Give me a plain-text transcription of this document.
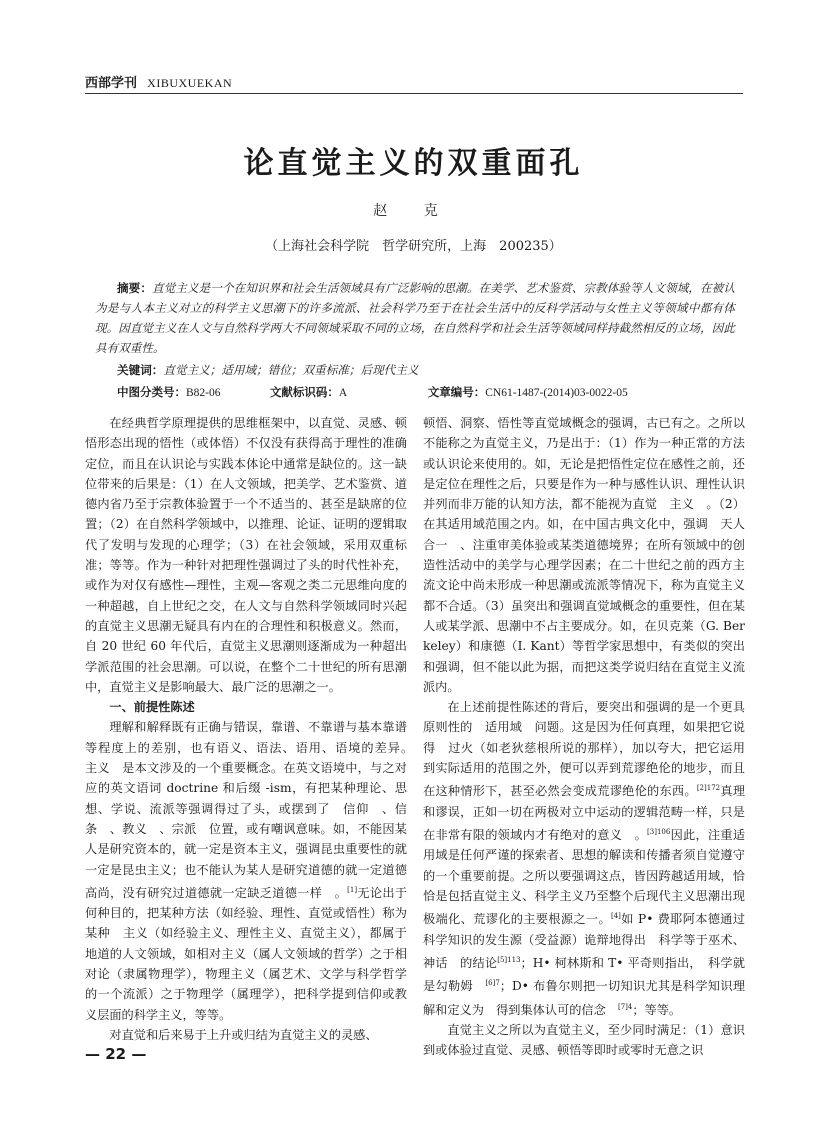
西部学刊 XIBUXUEKAN
论直觉主义的双重面孔
赵 克
（上海社会科学院　哲学研究所，上海　200235）
摘要：直觉主义是一个在知识界和社会生活领域具有广泛影响的思潮。在美学、艺术鉴赏、宗教体验等人文领域，在被认为是与人本主义对立的科学主义思潮下的许多流派、社会科学乃至于在社会生活中的反科学活动与女性主义等领域中都有体现。因直觉主义在人文与自然科学两大不同领域采取不同的立场，在自然科学和社会生活等领域同样持截然相反的立场，因此具有双重性。
关键词：直觉主义；适用域；错位；双重标准；后现代主义
中图分类号：B82-06	文献标识码：A	文章编号：CN61-1487-(2014)03-0022-05

在经典哲学原理提供的思维框架中，以直觉、灵感、顿悟形态出现的悟性（或体悟）不仅没有获得高于理性的准确定位，而且在认识论与实践本体论中通常是缺位的。这一缺位带来的后果是：（1）在人文领域，把美学、艺术鉴赏、道德内省乃至于宗教体验置于一个不适当的、甚至是缺席的位置；（2）在自然科学领域中，以推理、论证、证明的逻辑取代了发明与发现的心理学；（3）在社会领域，采用双重标准；等等。作为一种针对把理性强调过了头的时代性补充，或作为对仅有感性—理性，主观—客观之类二元思维向度的一种超越，自上世纪之交，在人文与自然科学领域同时兴起的直觉主义思潮无疑具有内在的合理性和积极意义。然而，自 20 世纪 60 年代后，直觉主义思潮则逐渐成为一种超出学派范围的社会思潮。可以说，在整个二十世纪的所有思潮中，直觉主义是影响最大、最广泛的思潮之一。

一、前提性陈述

理解和解释既有正确与错误，靠谱、不靠谱与基本靠谱等程度上的差别，也有语义、语法、语用、语境的差异。　主义　是本文涉及的一个重要概念。在英文语境中，与之对应的英文语词 doctrine 和后缀 -ism，有把某种理论、思想、学说、流派等强调得过了头，或摆到了　信仰　、信条　、教义　、宗派　位置，或有嘲讽意味。如，不能因某人是研究资本的，就一定是资本主义，强调昆虫重要性的就一定是昆虫主义；也不能认为某人是研究道德的就一定道德高尚，没有研究过道德就一定缺乏道德一样　。[1]无论出于何种目的，把某种方法（如经验、理性、直觉或悟性）称为某种　主义（如经验主义、理性主义、直觉主义），都属于地道的人文领域，如相对主义（属人文领域的哲学）之于相对论（隶属物理学），物理主义（属艺术、文学与科学哲学的一个流派）之于物理学（属理学），把科学提到信仰或教义层面的科学主义，等等。

对直觉和后来易于上升或归结为直觉主义的灵感、

顿悟、洞察、悟性等直觉域概念的强调，古已有之。之所以不能称之为直觉主义，乃是出于：（1）作为一种正常的方法或认识论来使用的。如，无论是把悟性定位在感性之前，还是定位在理性之后，只要是作为一种与感性认识、理性认识并列而非万能的认知方法，都不能视为直觉　主义　。（2）在其适用域范围之内。如，在中国古典文化中，强调　天人合一　、注重审美体验或某类道德境界；在所有领域中的创造性活动中的美学与心理学因素；在二十世纪之前的西方主流文论中尚未形成一种思潮或流派等情况下，称为直觉主义都不合适。（3）虽突出和强调直觉域概念的重要性，但在某人或某学派、思潮中不占主要成分。如，在贝克莱（G. Berkeley）和康德（I. Kant）等哲学家思想中，有类似的突出和强调，但不能以此为据，而把这类学说归结在直觉主义流派内。

在上述前提性陈述的背后，要突出和强调的是一个更具原则性的　适用域　问题。这是因为任何真理，如果把它说得　过火（如老狄慈根所说的那样），加以夸大，把它运用到实际适用的范围之外，便可以弄到荒谬绝伦的地步，而且在这种情形下，甚至必然会变成荒谬绝伦的东西。$^{[2]172}$真理和谬误，正如一切在两极对立中运动的逻辑范畴一样，只是在非常有限的领域内才有绝对的意义　。$^{[3]106}$因此，注重适用域是任何严谨的探索者、思想的解读和传播者须自觉遵守的一个重要前提。之所以要强调这点，皆因跨越适用域，恰恰是包括直觉主义、科学主义乃至整个后现代主义思潮出现极端化、荒谬化的主要根源之一。[4]如 P• 费耶阿本德通过科学知识的发生源（受益源）诡辩地得出　科学等于巫术、神话　的结论$^{[5]113}$；H• 柯林斯和 T• 平奇则指出，　科学就是勾勒姆　$^{[6]7}$；D• 布鲁尔则把一切知识尤其是科学知识理解和定义为　得到集体认可的信念　$^{[7]4}$；等等。

直觉主义之所以为直觉主义，至少同时满足：（1）意识到或体验过直觉、灵感、顿悟等即时或零时无意之识

— 22 —
